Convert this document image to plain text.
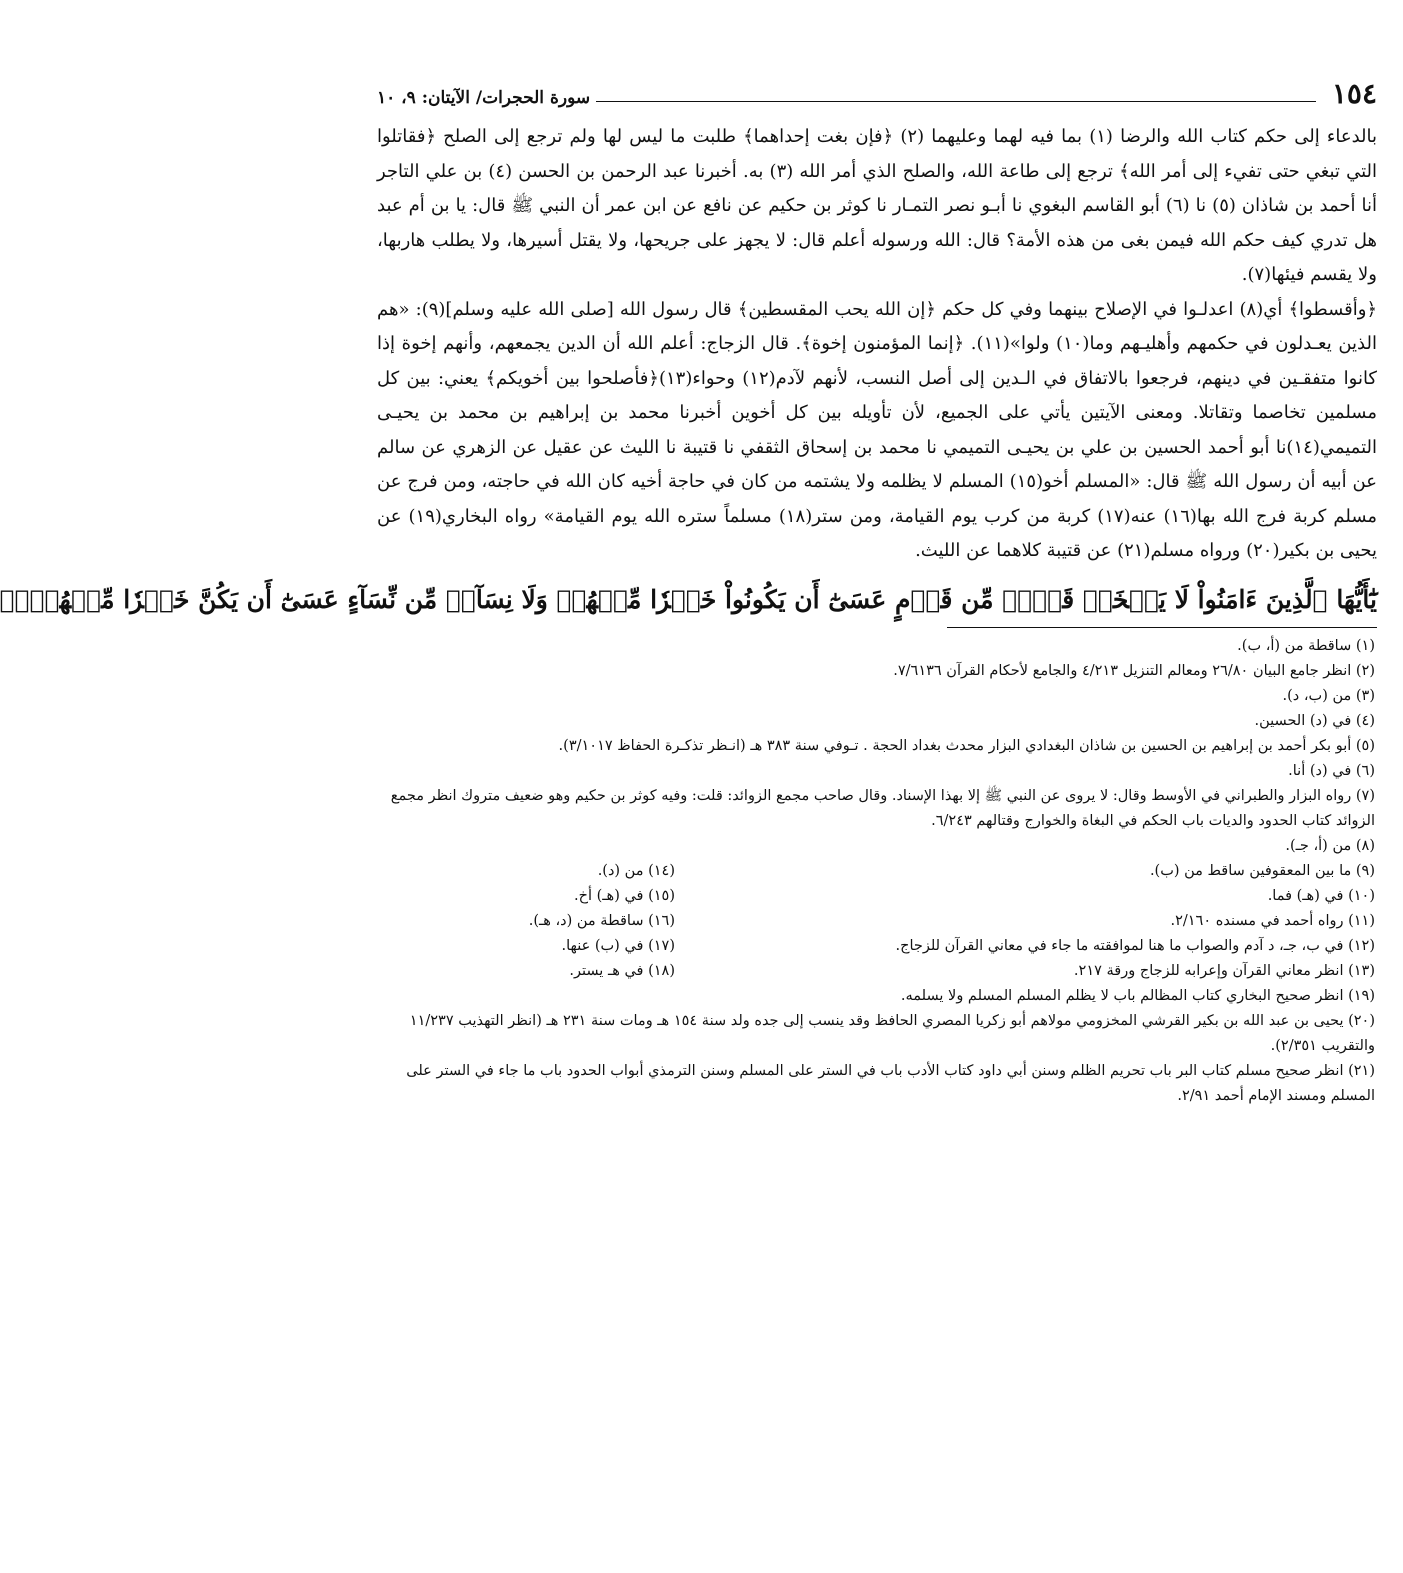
١٥٤
سورة الحجرات/ الآيتان: ٩، ١٠

بالدعاء إلى حكم كتاب الله والرضا (١) بما فيه لهما وعليهما (٢) ﴿فإن بغت إحداهما﴾ طلبت ما ليس لها ولم ترجع إلى الصلح ﴿فقاتلوا التي تبغي حتى تفيء إلى أمر الله﴾ ترجع إلى طاعة الله، والصلح الذي أمر الله (٣) به. أخبرنا عبد الرحمن بن الحسن (٤) بن علي التاجر أنا أحمد بن شاذان (٥) نا (٦) أبو القاسم البغوي نا أبـو نصر التمـار نا كوثر بن حكيم عن نافع عن ابن عمر أن النبي ﷺ قال: يا بن أم عبد هل تدري كيف حكم الله فيمن بغى من هذه الأمة؟ قال: الله ورسوله أعلم قال: لا يجهز على جريحها، ولا يقتل أسيرها، ولا يطلب هاربها، ولا يقسم فيئها(٧).

﴿وأقسطوا﴾ أي(٨) اعدلـوا في الإصلاح بينهما وفي كل حكم ﴿إن الله يحب المقسطين﴾ قال رسول الله [صلى الله عليه وسلم](٩): «هم الذين يعـدلون في حكمهم وأهليـهم وما(١٠) ولوا»(١١). ﴿إنما المؤمنون إخوة﴾. قال الزجاج: أعلم الله أن الدين يجمعهم، وأنهم إخوة إذا كانوا متفقـين في دينهم، فرجعوا بالاتفاق في الـدين إلى أصل النسب، لأنهم لآدم(١٢) وحواء(١٣)﴿فأصلحوا بين أخويكم﴾ يعني: بين كل مسلمين تخاصما وتقاتلا. ومعنى الآيتين يأتي على الجميع، لأن تأويله بين كل أخوين أخبرنا محمد بن إبراهيم بن محمد بن يحيـى التميمي(١٤)نا أبو أحمد الحسين بن علي بن يحيـى التميمي نا محمد بن إسحاق الثقفي نا قتيبة نا الليث عن عقيل عن الزهري عن سالم عن أبيه أن رسول الله ﷺ قال: «المسلم أخو(١٥) المسلم لا يظلمه ولا يشتمه من كان في حاجة أخيه كان الله في حاجته، ومن فرج عن مسلم كربة فرج الله بها(١٦) عنه(١٧) كربة من كرب يوم القيامة، ومن ستر(١٨) مسلماً ستره الله يوم القيامة» رواه البخاري(١٩) عن يحيى بن بكير(٢٠) ورواه مسلم(٢١) عن قتيبة كلاهما عن الليث.

يَٰٓأَيُّهَا ٱلَّذِينَ ءَامَنُواْ لَا يَسۡخَرۡ قَوۡمٞ مِّن قَوۡمٍ عَسَىٰٓ أَن يَكُونُواْ خَيۡرٗا مِّنۡهُمۡ وَلَا نِسَآءٞ مِّن نِّسَآءٍ عَسَىٰٓ أَن يَكُنَّ خَيۡرٗا مِّنۡهُنَّۖ

(١) ساقطة من (أ، ب).

(٢) انظر جامع البيان ٢٦/٨٠ ومعالم التنزيل ٤/٢١٣ والجامع لأحكام القرآن ٧/٦١٣٦.

(٣) من (ب، د).

(٤) في (د) الحسين.

(٥) أبو بكر أحمد بن إبراهيم بن الحسين بن شاذان البغدادي البزار محدث بغداد الحجة . تـوفي سنة ٣٨٣ هـ (انـظر تذكـرة الحفاظ ٣/١٠١٧).

(٦) في (د) أنا.

(٧) رواه البزار والطبراني في الأوسط وقال: لا يروى عن النبي ﷺ إلا بهذا الإسناد. وقال صاحب مجمع الزوائد: قلت: وفيه كوثر بن حكيم وهو ضعيف متروك انظر مجمع الزوائد كتاب الحدود والديات باب الحكم في البغاة والخوارج وقتالهم ٦/٢٤٣.

(٨) من (أ، جـ).

(٩) ما بين المعقوفين ساقط من (ب).

(١٠) في (هـ) فما.

(١١) رواه أحمد في مسنده ٢/١٦٠.

(١٢) في ب، جـ، د آدم والصواب ما هنا لموافقته ما جاء في معاني القرآن للزجاج.

(١٣) انظر معاني القرآن وإعرابه للزجاج ورقة ٢١٧.

(١٤) من (د).

(١٥) في (هـ) أخ.

(١٦) ساقطة من (د، هـ).

(١٧) في (ب) عنها.

(١٨) في هـ يستر.

(١٩) انظر صحيح البخاري كتاب المظالم باب لا يظلم المسلم المسلم ولا يسلمه.

(٢٠) يحيى بن عبد الله بن بكير القرشي المخزومي مولاهم أبو زكريا المصري الحافظ وقد ينسب إلى جده ولد سنة ١٥٤ هـ ومات سنة ٢٣١ هـ (انظر التهذيب ١١/٢٣٧ والتقريب ٢/٣٥١).

(٢١) انظر صحيح مسلم كتاب البر باب تحريم الظلم وسنن أبي داود كتاب الأدب باب في الستر على المسلم وسنن الترمذي أبواب الحدود باب ما جاء في الستر على المسلم ومسند الإمام أحمد ٢/٩١.
